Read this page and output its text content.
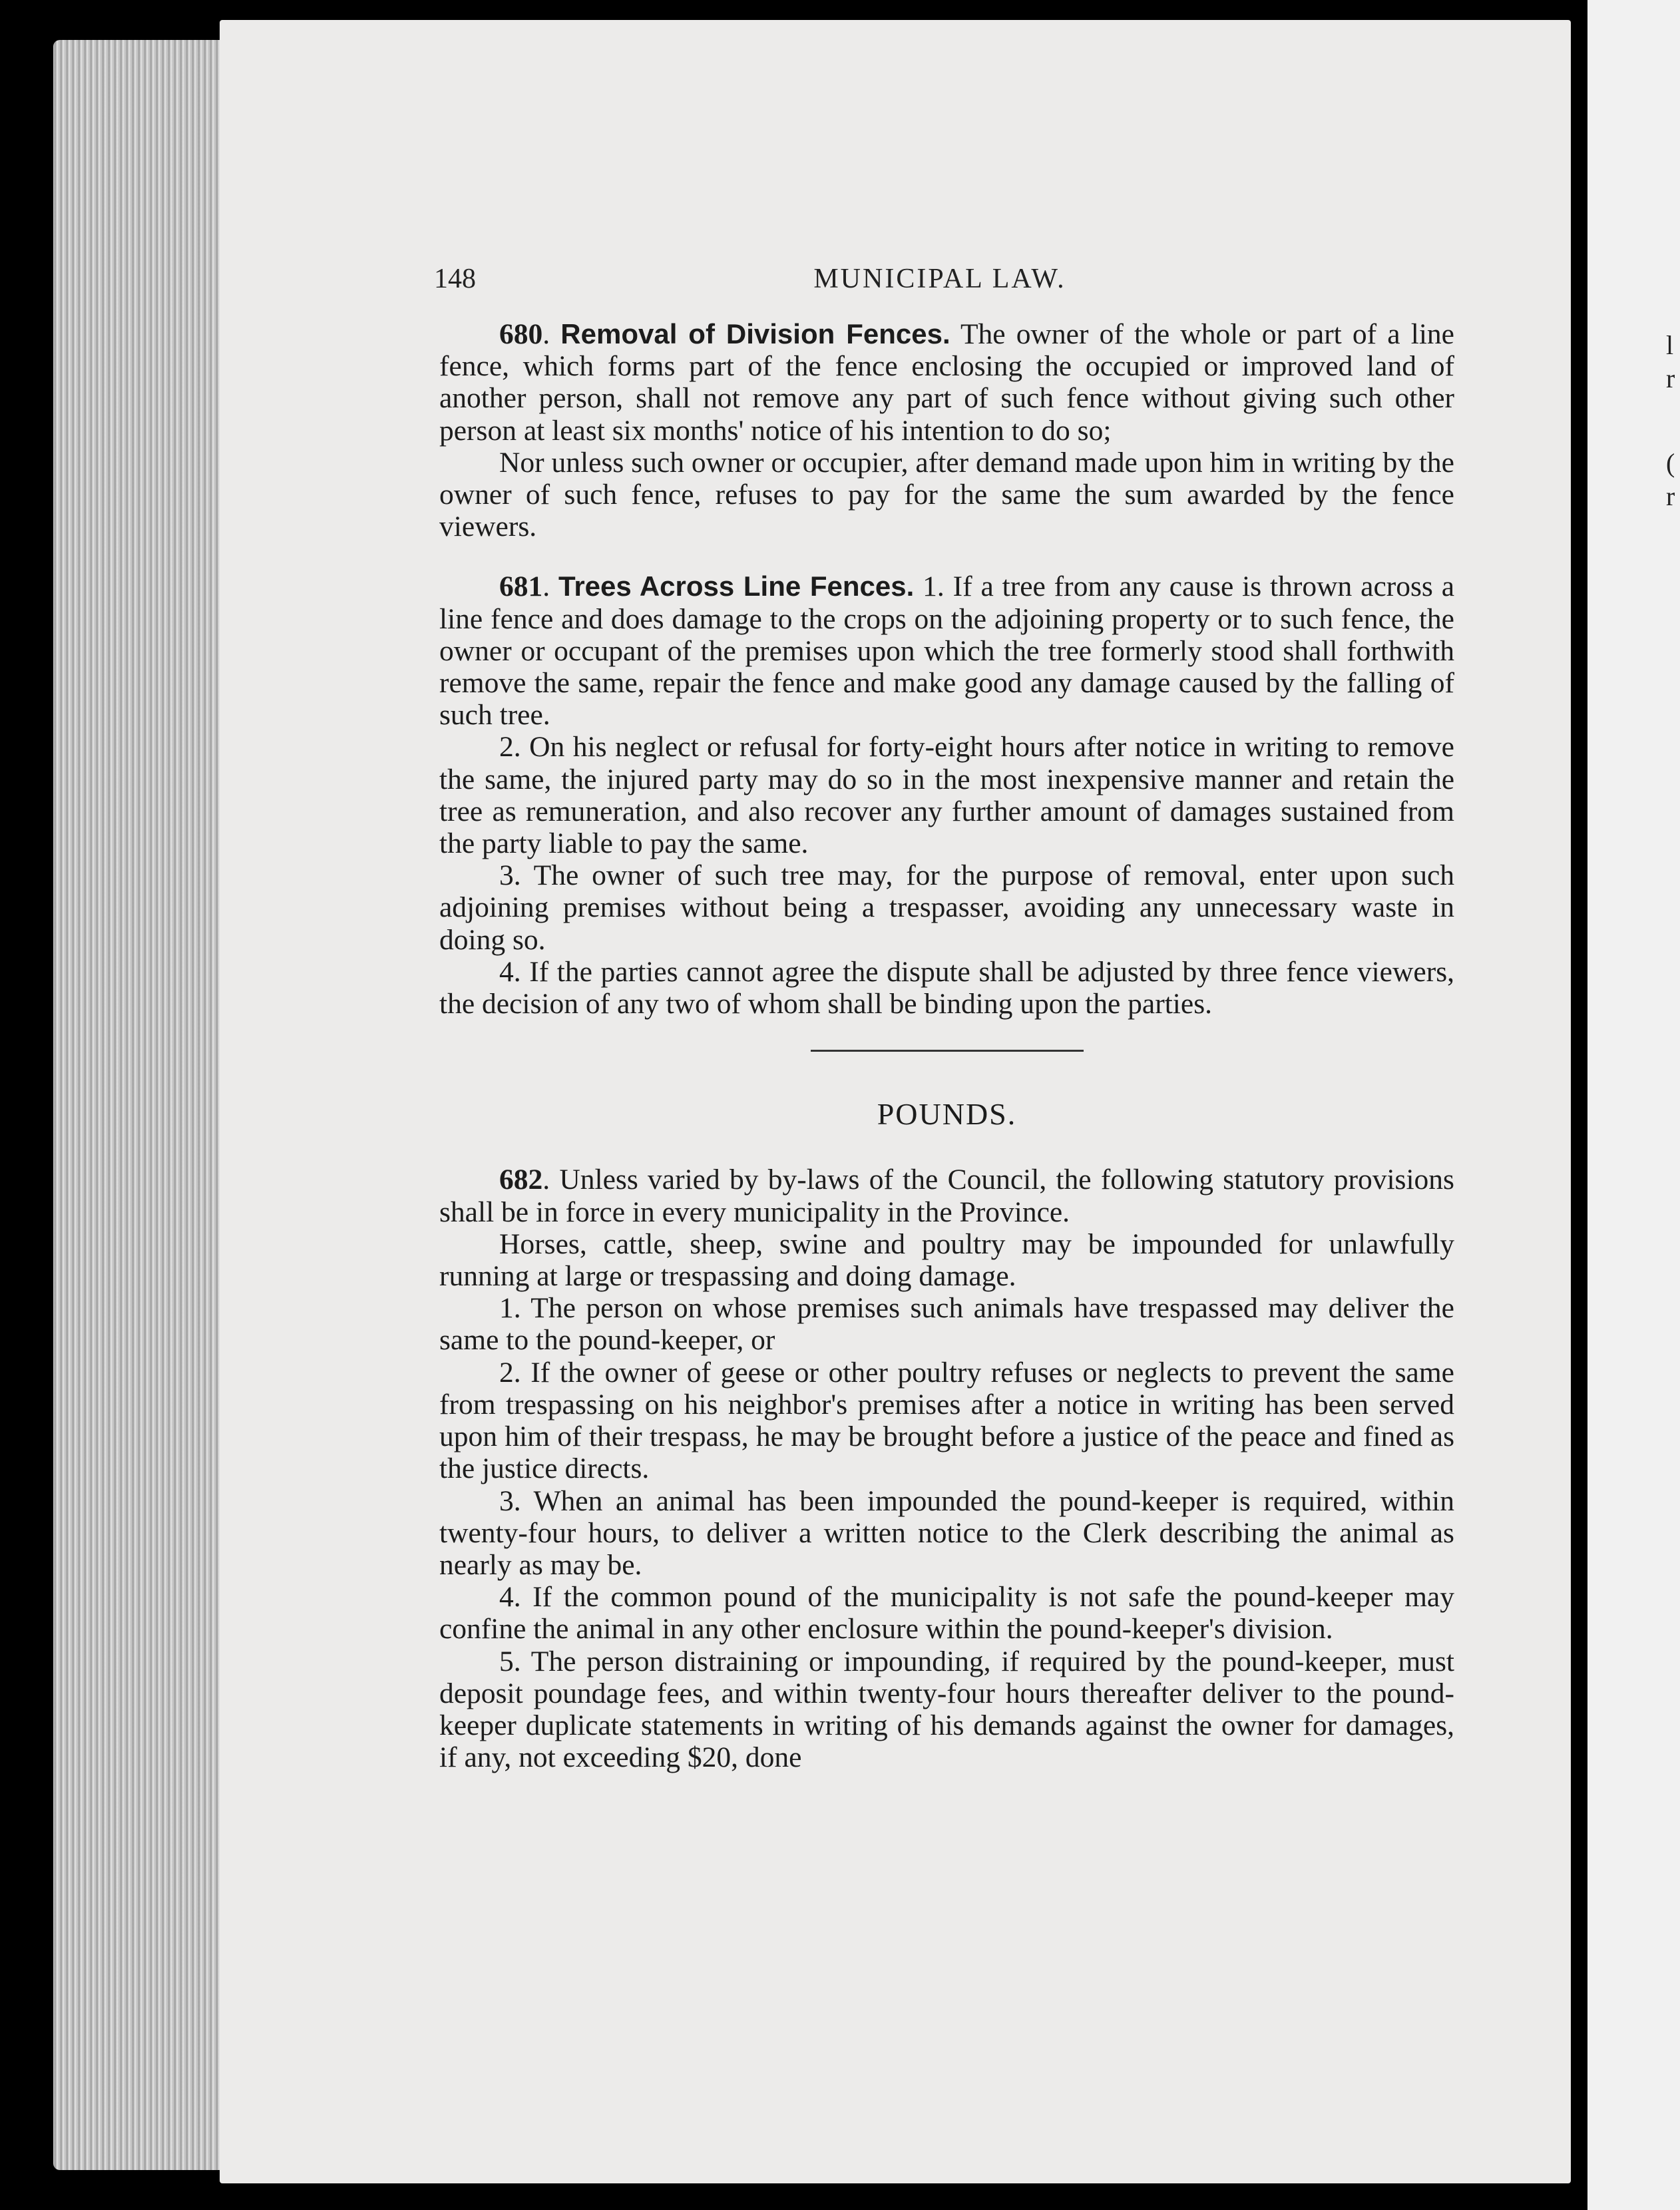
l
r
(
r
148	MUNICIPAL LAW.

680. Removal of Division Fences. The owner of the whole or part of a line fence, which forms part of the fence enclosing the occupied or improved land of another person, shall not remove any part of such fence without giving such other person at least six months' notice of his intention to do so;

Nor unless such owner or occupier, after demand made upon him in writing by the owner of such fence, refuses to pay for the same the sum awarded by the fence viewers.

681. Trees Across Line Fences. 1. If a tree from any cause is thrown across a line fence and does damage to the crops on the adjoining property or to such fence, the owner or occupant of the premises upon which the tree formerly stood shall forthwith remove the same, repair the fence and make good any damage caused by the falling of such tree.

2. On his neglect or refusal for forty-eight hours after notice in writing to remove the same, the injured party may do so in the most inexpensive manner and retain the tree as remuneration, and also recover any further amount of damages sustained from the party liable to pay the same.

3. The owner of such tree may, for the purpose of removal, enter upon such adjoining premises without being a trespasser, avoiding any unnecessary waste in doing so.

4. If the parties cannot agree the dispute shall be adjusted by three fence viewers, the decision of any two of whom shall be binding upon the parties.

POUNDS.

682. Unless varied by by-laws of the Council, the following statutory provisions shall be in force in every municipality in the Province.

Horses, cattle, sheep, swine and poultry may be impounded for unlawfully running at large or trespassing and doing damage.

1. The person on whose premises such animals have trespassed may deliver the same to the pound-keeper, or

2. If the owner of geese or other poultry refuses or neglects to prevent the same from trespassing on his neighbor's premises after a notice in writing has been served upon him of their trespass, he may be brought before a justice of the peace and fined as the justice directs.

3. When an animal has been impounded the pound-keeper is required, within twenty-four hours, to deliver a written notice to the Clerk describing the animal as nearly as may be.

4. If the common pound of the municipality is not safe the pound-keeper may confine the animal in any other enclosure within the pound-keeper's division.

5. The person distraining or impounding, if required by the pound-keeper, must deposit poundage fees, and within twenty-four hours thereafter deliver to the pound-keeper duplicate statements in writing of his demands against the owner for damages, if any, not exceeding $20, done
